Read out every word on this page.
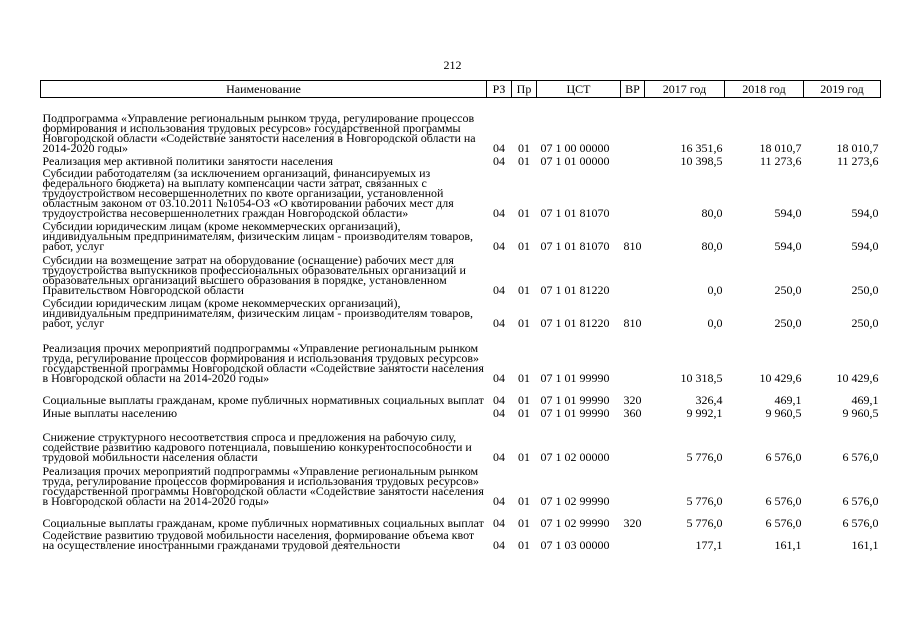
212
Наименование	РЗ	Пр	ЦСТ	ВР	2017 год	2018 год	2019 год
Подпрограмма «Управление региональным рынком труда, регулирование процессов формирования и использования трудовых ресурсов» государственной программы Новгородской области «Содействие занятости населения в Новгородской области на 2014-2020 годы»	04	01	07 1 00 00000		16 351,6	18 010,7	18 010,7
Реализация мер активной политики занятости населения	04	01	07 1 01 00000		10 398,5	11 273,6	11 273,6
Субсидии работодателям (за исключением организаций, финансируемых из федерального бюджета) на выплату компенсации части затрат, связанных с трудоустройством несовершеннолетних по квоте организации, установленной областным законом от 03.10.2011 №1054-ОЗ «О квотировании рабочих мест для трудоустройства несовершеннолетних граждан Новгородской области»	04	01	07 1 01 81070		80,0	594,0	594,0
Субсидии юридическим лицам (кроме некоммерческих организаций), индивидуальным предпринимателям, физическим лицам - производителям товаров, работ, услуг	04	01	07 1 01 81070	810	80,0	594,0	594,0
Субсидии на возмещение затрат на оборудование (оснащение) рабочих мест для трудоустройства выпускников профессиональных образовательных организаций и образовательных организаций высшего образования в порядке, установленном Правительством Новгородской области	04	01	07 1 01 81220		0,0	250,0	250,0
Субсидии юридическим лицам (кроме некоммерческих организаций), индивидуальным предпринимателям, физическим лицам - производителям товаров, работ, услуг	04	01	07 1 01 81220	810	0,0	250,0	250,0
Реализация прочих мероприятий подпрограммы «Управление региональным рынком труда, регулирование процессов формирования и использования трудовых ресурсов» государственной программы Новгородской области «Содействие занятости населения в Новгородской области на 2014-2020 годы»	04	01	07 1 01 99990		10 318,5	10 429,6	10 429,6
Социальные выплаты гражданам, кроме публичных нормативных социальных выплат	04	01	07 1 01 99990	320	326,4	469,1	469,1
Иные выплаты населению	04	01	07 1 01 99990	360	9 992,1	9 960,5	9 960,5
Снижение структурного несоответствия спроса и предложения на рабочую силу, содействие развитию кадрового потенциала, повышению конкурентоспособности и трудовой мобильности населения области	04	01	07 1 02 00000		5 776,0	6 576,0	6 576,0
Реализация прочих мероприятий подпрограммы «Управление региональным рынком труда, регулирование процессов формирования и использования трудовых ресурсов» государственной программы Новгородской области «Содействие занятости населения в Новгородской области на 2014-2020 годы»	04	01	07 1 02 99990		5 776,0	6 576,0	6 576,0
Социальные выплаты гражданам, кроме публичных нормативных социальных выплат	04	01	07 1 02 99990	320	5 776,0	6 576,0	6 576,0
Содействие развитию трудовой мобильности населения, формирование объема квот на осуществление иностранными гражданами трудовой деятельности	04	01	07 1 03 00000		177,1	161,1	161,1
